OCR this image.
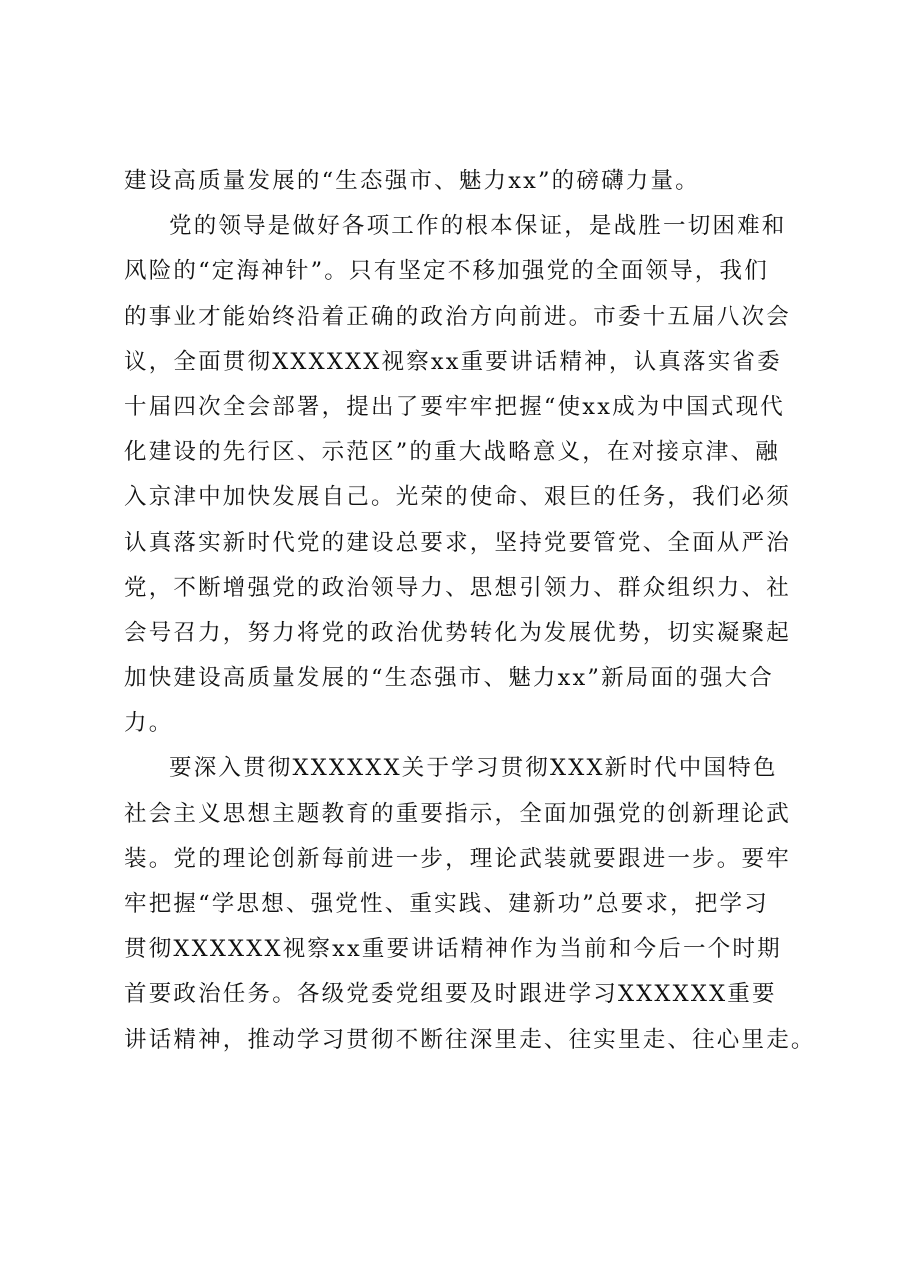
建设高质量发展的“生态强市、魅力xx”的磅礴力量。
党的领导是做好各项工作的根本保证，是战胜一切困难和
风险的“定海神针”。只有坚定不移加强党的全面领导，我们
的事业才能始终沿着正确的政治方向前进。市委十五届八次会
议，全面贯彻XXXXXX视察xx重要讲话精神，认真落实省委
十届四次全会部署，提出了要牢牢把握“使xx成为中国式现代
化建设的先行区、示范区”的重大战略意义，在对接京津、融
入京津中加快发展自己。光荣的使命、艰巨的任务，我们必须
认真落实新时代党的建设总要求，坚持党要管党、全面从严治
党，不断增强党的政治领导力、思想引领力、群众组织力、社
会号召力，努力将党的政治优势转化为发展优势，切实凝聚起
加快建设高质量发展的“生态强市、魅力xx”新局面的强大合
力。
要深入贯彻XXXXXX关于学习贯彻XXX新时代中国特色
社会主义思想主题教育的重要指示，全面加强党的创新理论武
装。党的理论创新每前进一步，理论武装就要跟进一步。要牢
牢把握“学思想、强党性、重实践、建新功”总要求，把学习
贯彻XXXXXX视察xx重要讲话精神作为当前和今后一个时期
首要政治任务。各级党委党组要及时跟进学习XXXXXX重要
讲话精神，推动学习贯彻不断往深里走、往实里走、往心里走。
